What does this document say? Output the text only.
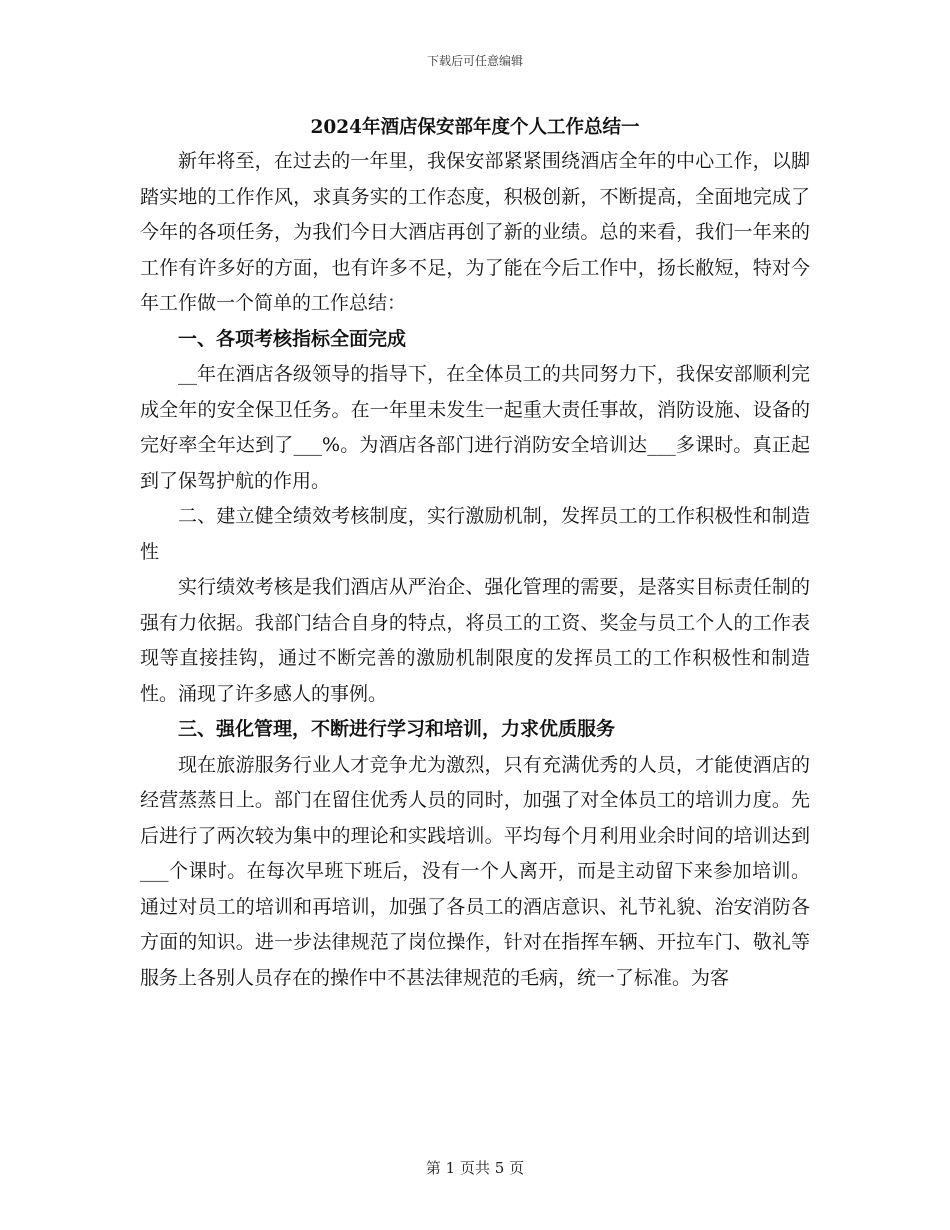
下载后可任意编辑
2024年酒店保安部年度个人工作总结一

新年将至，在过去的一年里，我保安部紧紧围绕酒店全年的中心工作，以脚踏实地的工作作风，求真务实的工作态度，积极创新，不断提高，全面地完成了今年的各项任务，为我们今日大酒店再创了新的业绩。总的来看，我们一年来的工作有许多好的方面，也有许多不足，为了能在今后工作中，扬长敝短，特对今年工作做一个简单的工作总结：

一、各项考核指标全面完成

__年在酒店各级领导的指导下，在全体员工的共同努力下，我保安部顺利完成全年的安全保卫任务。在一年里未发生一起重大责任事故，消防设施、设备的完好率全年达到了___%。为酒店各部门进行消防安全培训达___多课时。真正起到了保驾护航的作用。

二、建立健全绩效考核制度，实行激励机制，发挥员工的工作积极性和制造性

实行绩效考核是我们酒店从严治企、强化管理的需要，是落实目标责任制的强有力依据。我部门结合自身的特点，将员工的工资、奖金与员工个人的工作表现等直接挂钩，通过不断完善的激励机制限度的发挥员工的工作积极性和制造性。涌现了许多感人的事例。

三、强化管理，不断进行学习和培训，力求优质服务

现在旅游服务行业人才竞争尤为激烈，只有充满优秀的人员，才能使酒店的经营蒸蒸日上。部门在留住优秀人员的同时，加强了对全体员工的培训力度。先后进行了两次较为集中的理论和实践培训。平均每个月利用业余时间的培训达到___个课时。在每次早班下班后，没有一个人离开，而是主动留下来参加培训。通过对员工的培训和再培训，加强了各员工的酒店意识、礼节礼貌、治安消防各方面的知识。进一步法律规范了岗位操作，针对在指挥车辆、开拉车门、敬礼等服务上各别人员存在的操作中不甚法律规范的毛病，统一了标准。为客

第 1 页共 5 页
